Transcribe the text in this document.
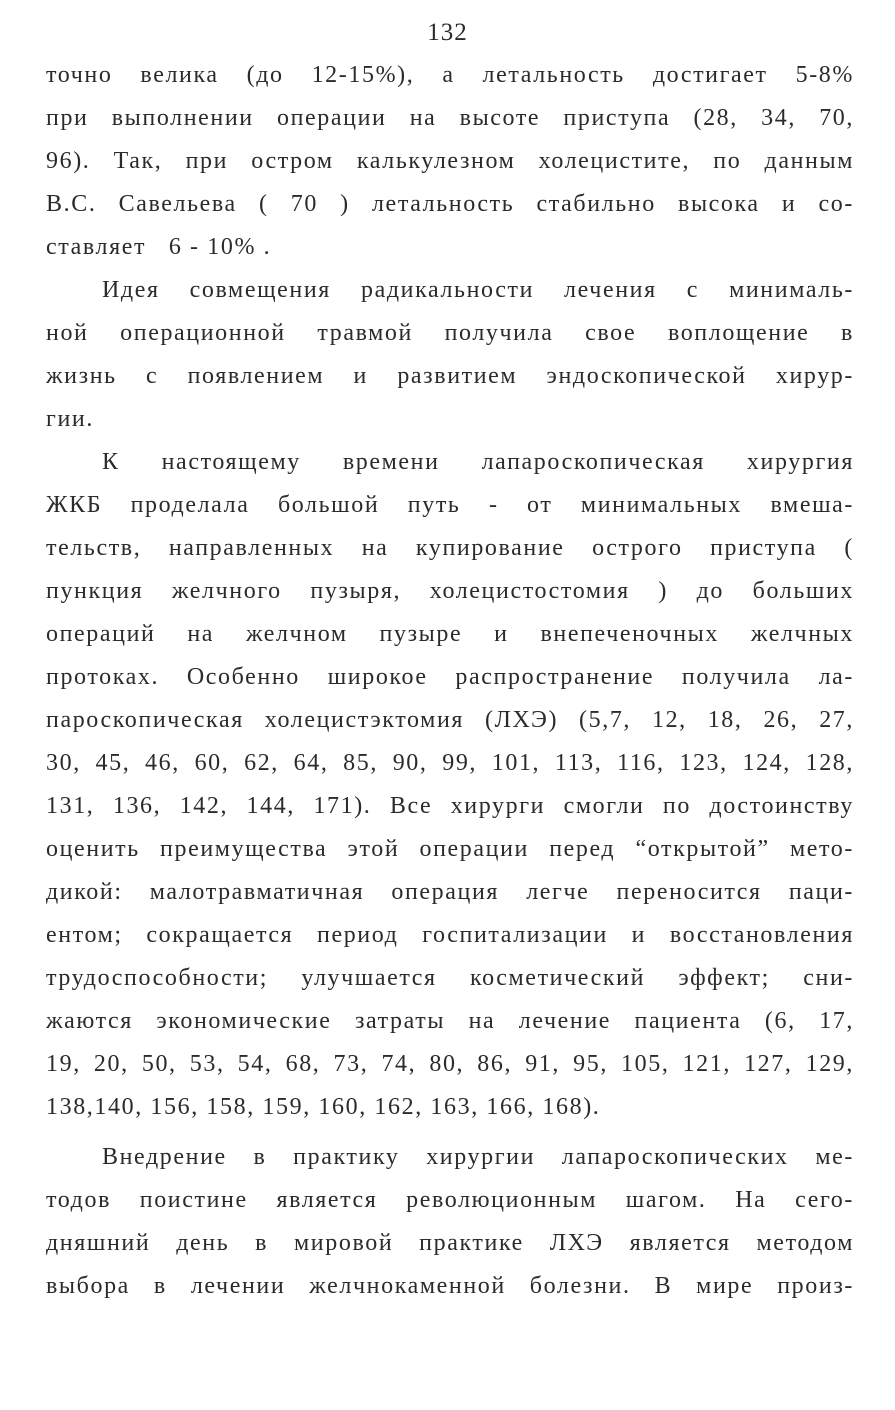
132
точно велика (до 12-15%), а летальность достигает 5-8%
при выполнении операции на высоте приступа (28, 34, 70,
96). Так, при остром калькулезном холецистите, по данным
В.С. Савельева ( 70 ) летальность стабильно высока и со-
ставляет   6 - 10% .
Идея совмещения радикальности лечения с минималь-
ной операционной травмой получила свое воплощение в
жизнь с появлением и развитием эндоскопической хирур-
гии.
К настоящему времени лапароскопическая хирургия
ЖКБ проделала большой путь - от минимальных вмеша-
тельств, направленных на купирование острого приступа (
пункция желчного пузыря, холецистостомия ) до больших
операций на желчном пузыре и внепеченочных желчных
протоках. Особенно широкое распространение получила ла-
пароскопическая холецистэктомия (ЛХЭ) (5,7, 12, 18, 26, 27,
30, 45, 46, 60, 62, 64, 85, 90, 99, 101, 113, 116, 123, 124, 128,
131, 136, 142, 144, 171). Все хирурги смогли по достоинству
оценить преимущества этой операции перед “открытой” мето-
дикой: малотравматичная операция легче переносится паци-
ентом; сокращается период госпитализации и восстановления
трудоспособности; улучшается косметический эффект; сни-
жаются экономические затраты на лечение пациента (6, 17,
19, 20, 50, 53, 54, 68, 73, 74, 80, 86, 91, 95, 105, 121, 127, 129,
138,140, 156, 158, 159, 160, 162, 163, 166, 168).
Внедрение в практику хирургии лапароскопических ме-
тодов поистине является революционным шагом. На сего-
дняшний день в мировой практике ЛХЭ является методом
выбора в лечении желчнокаменной болезни. В мире произ-
